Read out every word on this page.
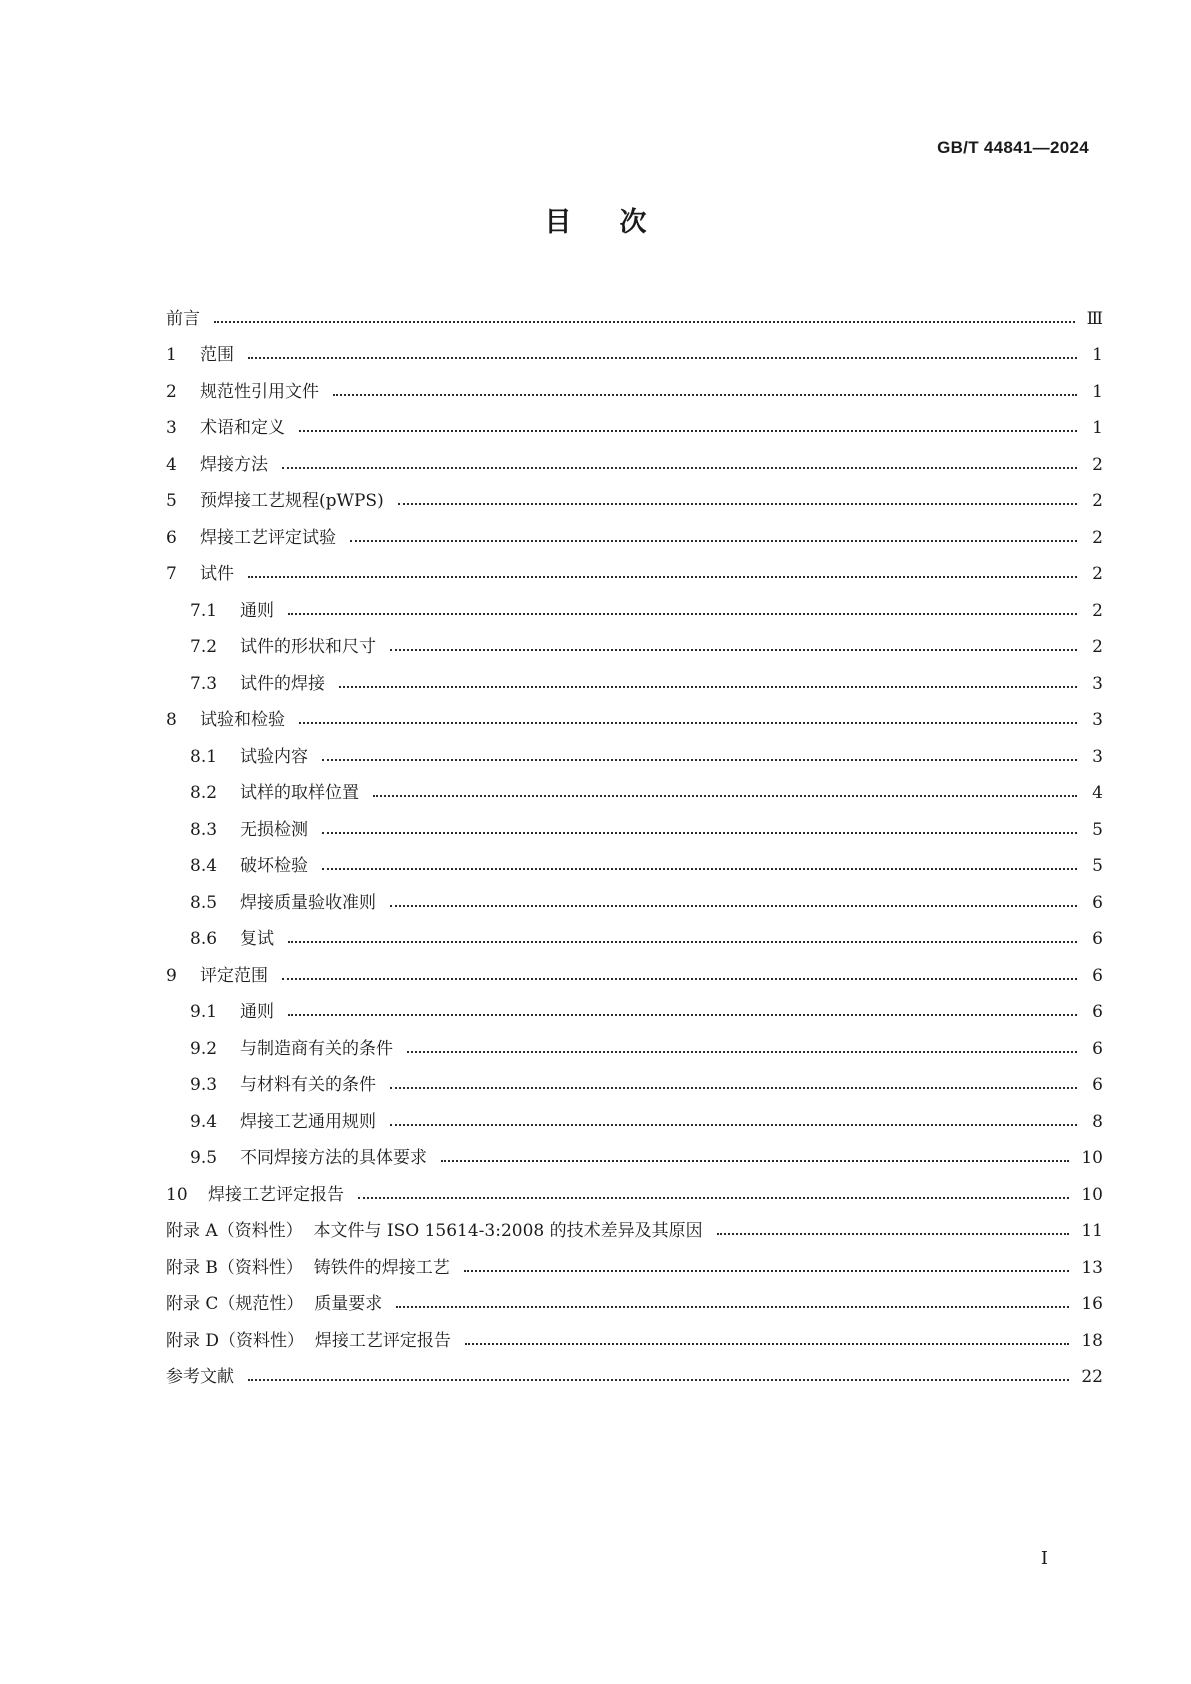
GB/T 44841—2024
目次
前言	Ⅲ
1	范围	1
2	规范性引用文件	1
3	术语和定义	1
4	焊接方法	2
5	预焊接工艺规程(pWPS)	2
6	焊接工艺评定试验	2
7	试件	2
7.1	通则	2
7.2	试件的形状和尺寸	2
7.3	试件的焊接	3
8	试验和检验	3
8.1	试验内容	3
8.2	试样的取样位置	4
8.3	无损检测	5
8.4	破坏检验	5
8.5	焊接质量验收准则	6
8.6	复试	6
9	评定范围	6
9.1	通则	6
9.2	与制造商有关的条件	6
9.3	与材料有关的条件	6
9.4	焊接工艺通用规则	8
9.5	不同焊接方法的具体要求	10
10	焊接工艺评定报告	10
附录 A（资料性）  本文件与 ISO 15614-3:2008 的技术差异及其原因	11
附录 B（资料性）  铸铁件的焊接工艺	13
附录 C（规范性）  质量要求	16
附录 D（资料性）  焊接工艺评定报告	18
参考文献	22
I
